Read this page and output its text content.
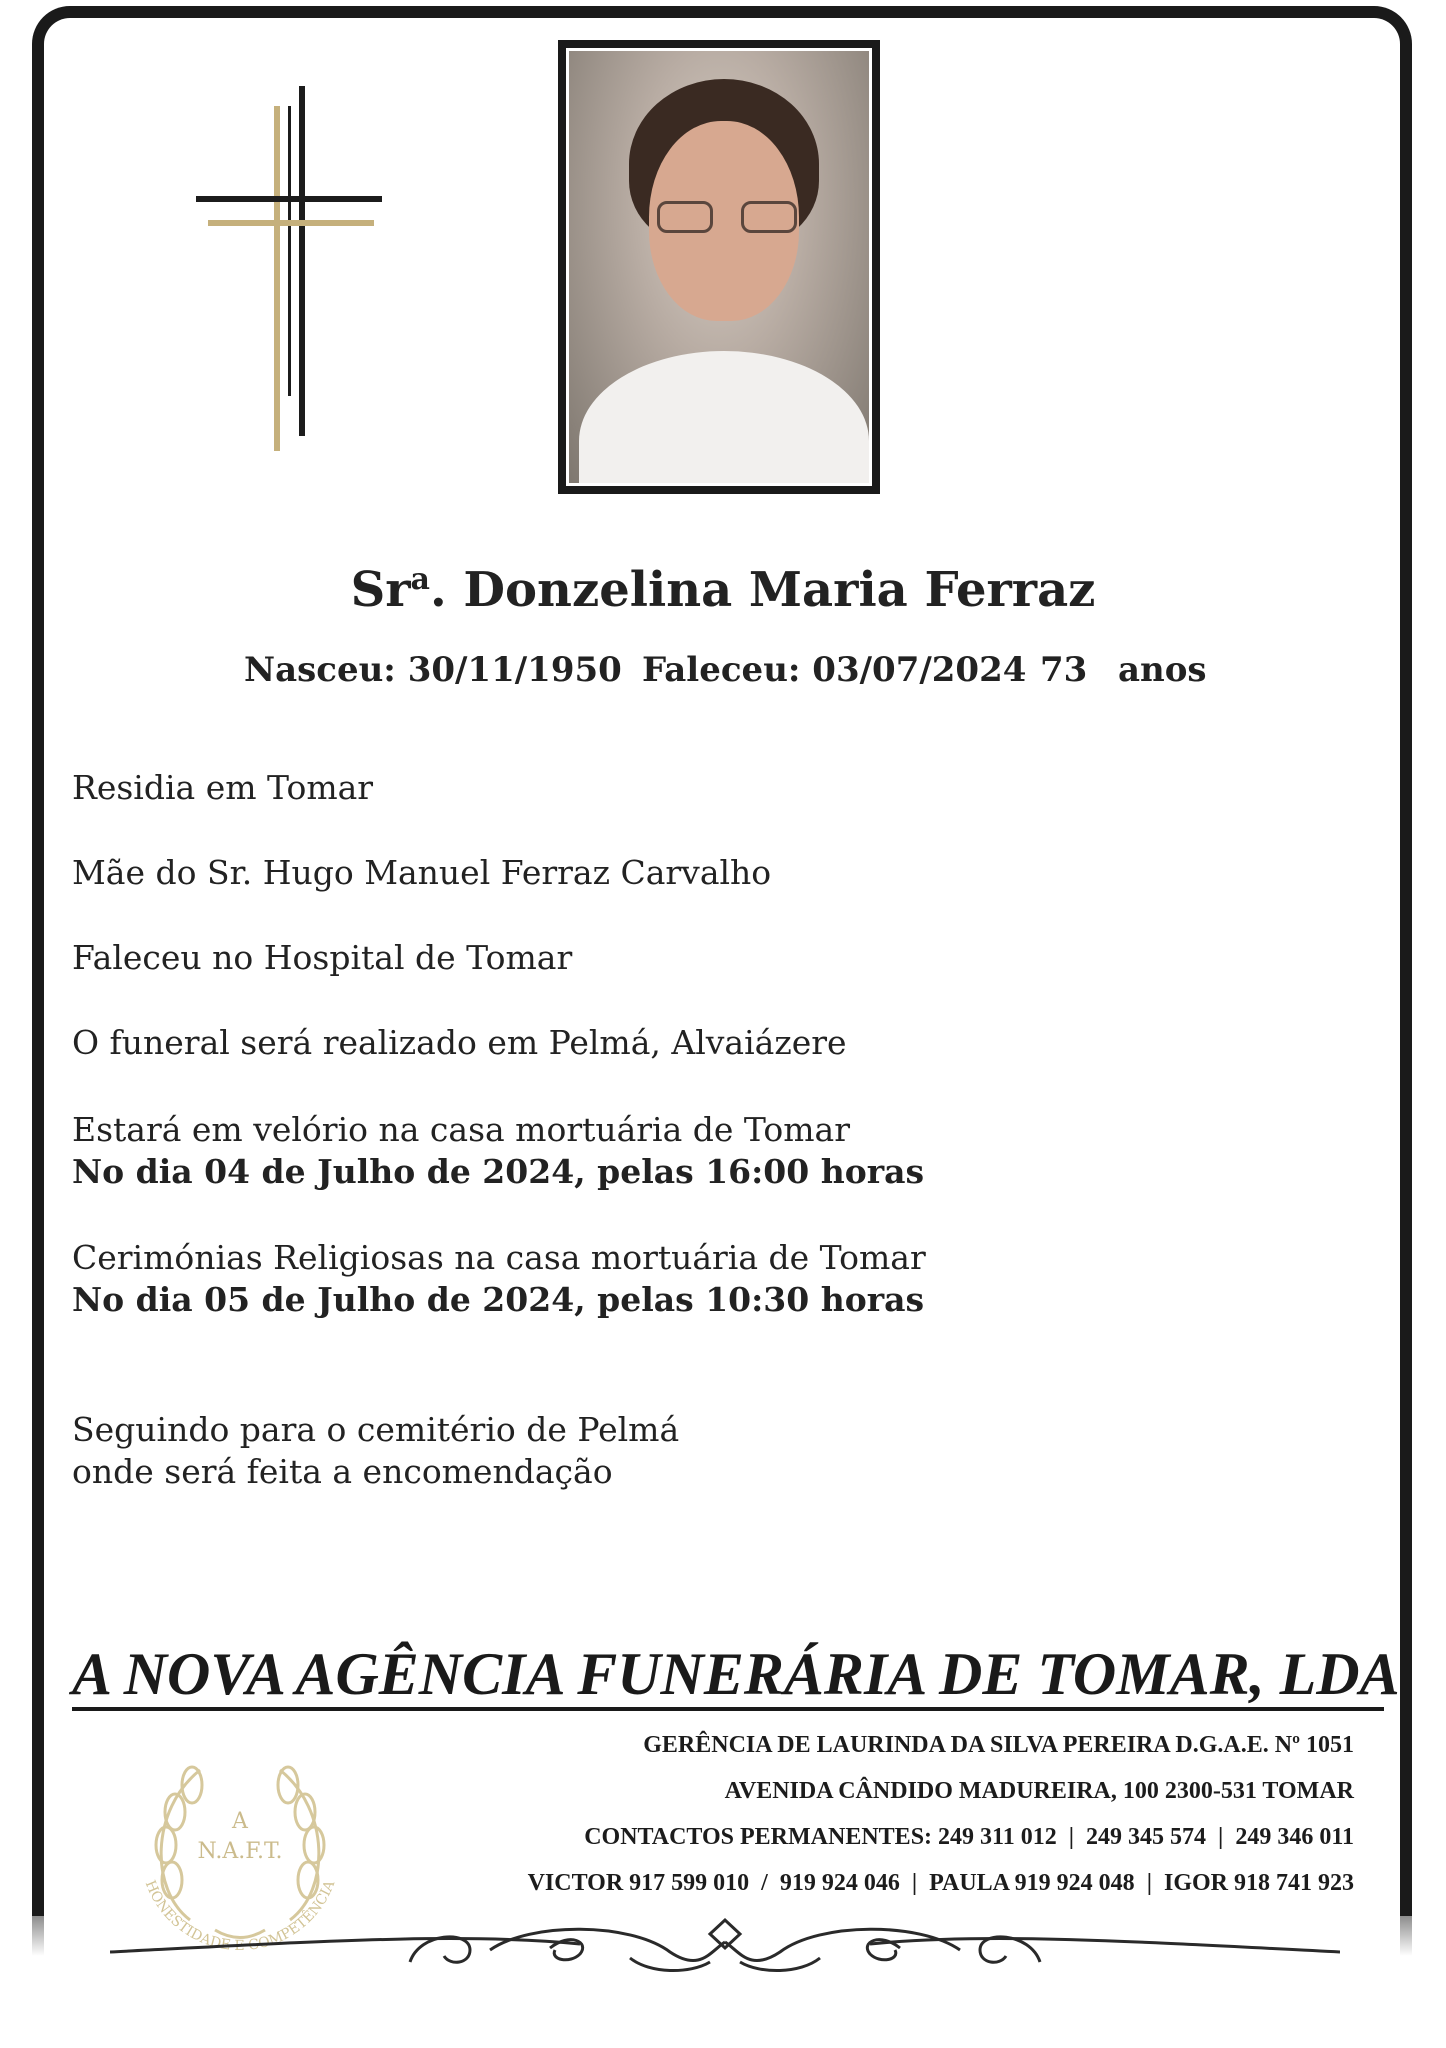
Sr$^a$. Donzelina Maria Ferraz
Nasceu: 30/11/1950 Faleceu: 03/07/2024 73 anos
Residia em Tomar
Mãe do Sr. Hugo Manuel Ferraz Carvalho
Faleceu no Hospital de Tomar
O funeral será realizado em Pelmá, Alvaiázere
Estará em velório na casa mortuária de Tomar
No dia 04 de Julho de 2024, pelas 16:00 horas
Cerimónias Religiosas na casa mortuária de Tomar
No dia 05 de Julho de 2024, pelas 10:30 horas
Seguindo para o cemitério de Pelmá
onde será feita a encomendação
A NOVA AGÊNCIA FUNERÁRIA DE TOMAR, LDA
GERÊNCIA DE LAURINDA DA SILVA PEREIRA D.G.A.E. Nº 1051
AVENIDA CÂNDIDO MADUREIRA, 100 2300-531 TOMAR
CONTACTOS PERMANENTES: 249 311 012 | 249 345 574 | 249 346 011
VICTOR 917 599 010 / 919 924 046 | PAULA 919 924 048 | IGOR 918 741 923
A
N.A.F.T.
HONESTIDADE E COMPETÊNCIA
